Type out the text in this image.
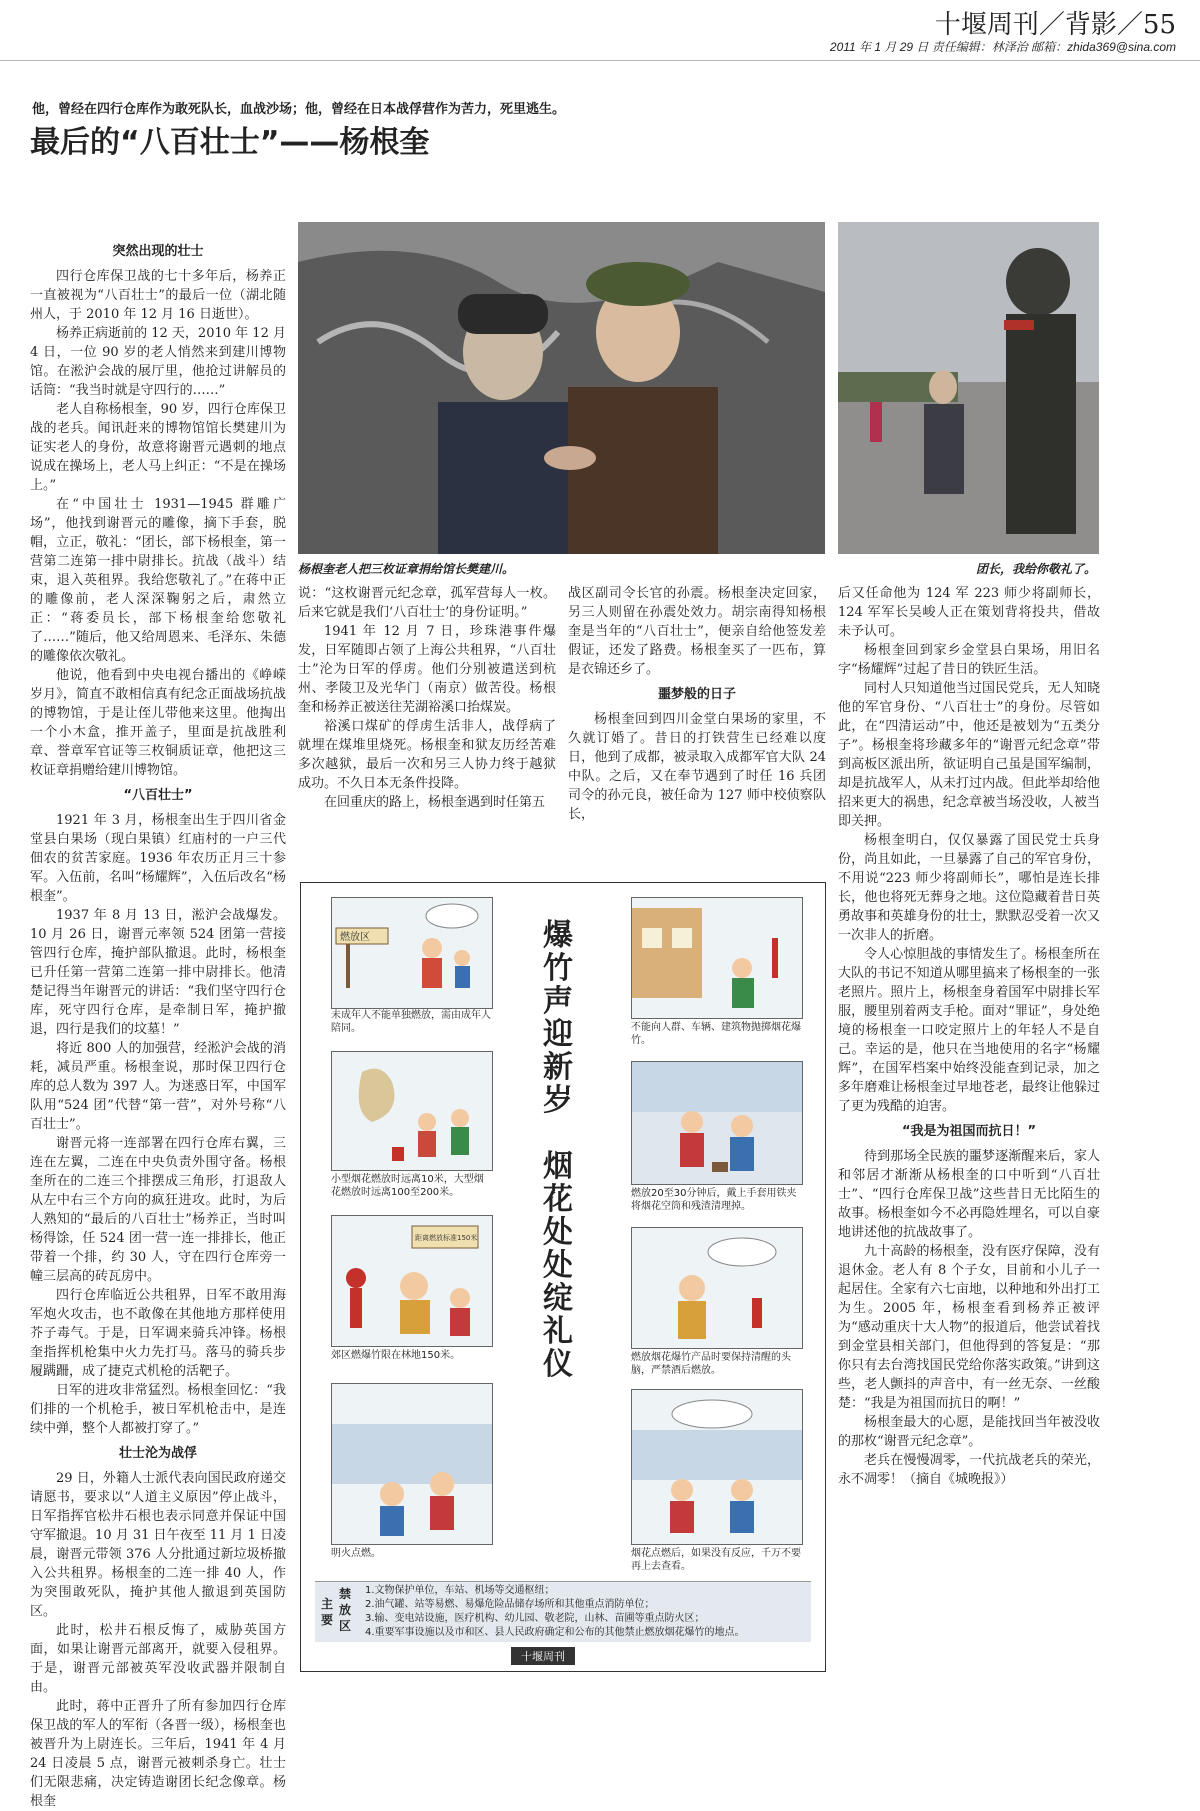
十堰周刊／背影／55
2011 年 1 月 29 日 责任编辑：林泽治 邮箱：zhida369@sina.com
他，曾经在四行仓库作为敢死队长，血战沙场；他，曾经在日本战俘营作为苦力，死里逃生。
最后的“八百壮士”——杨根奎
突然出现的壮士

四行仓库保卫战的七十多年后，杨养正一直被视为“八百壮士”的最后一位（湖北随州人，于 2010 年 12 月 16 日逝世）。

杨养正病逝前的 12 天，2010 年 12 月 4 日，一位 90 岁的老人悄然来到建川博物馆。在淞沪会战的展厅里，他抢过讲解员的话筒：“我当时就是守四行的……”

老人自称杨根奎，90 岁，四行仓库保卫战的老兵。闻讯赶来的博物馆馆长樊建川为证实老人的身份，故意将谢晋元遇刺的地点说成在操场上，老人马上纠正：“不是在操场上。”

在“中国壮士 1931—1945 群雕广场”，他找到谢晋元的雕像，摘下手套，脱帽，立正，敬礼：“团长，部下杨根奎，第一营第二连第一排中尉排长。抗战（战斗）结束，退入英租界。我给您敬礼了。”在蒋中正的雕像前，老人深深鞠躬之后，肃然立正：“蒋委员长，部下杨根奎给您敬礼了……”随后，他又给周恩来、毛泽东、朱德的雕像依次敬礼。

他说，他看到中央电视台播出的《峥嵘岁月》，简直不敢相信真有纪念正面战场抗战的博物馆，于是让侄儿带他来这里。他掏出一个小木盒，推开盖子，里面是抗战胜利章、誉章军官证等三枚铜质证章，他把这三枚证章捐赠给建川博物馆。

“八百壮士”

1921 年 3 月，杨根奎出生于四川省金堂县白果场（现白果镇）红庙村的一户三代佃农的贫苦家庭。1936 年农历正月三十参军。入伍前，名叫“杨耀辉”，入伍后改名“杨根奎”。

1937 年 8 月 13 日，淞沪会战爆发。10 月 26 日，谢晋元率领 524 团第一营接管四行仓库，掩护部队撤退。此时，杨根奎已升任第一营第二连第一排中尉排长。他清楚记得当年谢晋元的讲话：“我们坚守四行仓库，死守四行仓库，是牵制日军，掩护撤退，四行是我们的坟墓！”

将近 800 人的加强营，经淞沪会战的消耗，减员严重。杨根奎说，那时保卫四行仓库的总人数为 397 人。为迷惑日军，中国军队用“524 团”代替“第一营”，对外号称“八百壮士”。

谢晋元将一连部署在四行仓库右翼，三连在左翼，二连在中央负责外围守备。杨根奎所在的二连三个排摆成三角形，打退敌人从左中右三个方向的疯狂进攻。此时，为后人熟知的“最后的八百壮士”杨养正，当时叫杨得馀，任 524 团一营一连一排排长，他正带着一个排，约 30 人，守在四行仓库旁一幢三层高的砖瓦房中。

四行仓库临近公共租界，日军不敢用海军炮火攻击，也不敢像在其他地方那样使用芥子毒气。于是，日军调来骑兵冲锋。杨根奎指挥机枪集中火力先打马。落马的骑兵步履蹒跚，成了捷克式机枪的活靶子。

日军的进攻非常猛烈。杨根奎回忆：“我们排的一个机枪手，被日军机枪击中，是连续中弹，整个人都被打穿了。”

壮士沦为战俘

29 日，外籍人士派代表向国民政府递交请愿书，要求以“人道主义原因”停止战斗，日军指挥官松井石根也表示同意并保证中国守军撤退。10 月 31 日午夜至 11 月 1 日凌晨，谢晋元带领 376 人分批通过新垃圾桥撤入公共租界。杨根奎的二连一排 40 人，作为突围敢死队，掩护其他人撤退到英国防区。

此时，松井石根反悔了，威胁英国方面，如果让谢晋元部离开，就要入侵租界。于是，谢晋元部被英军没收武器并限制自由。

此时，蒋中正晋升了所有参加四行仓库保卫战的军人的军衔（各晋一级），杨根奎也被晋升为上尉连长。三年后，1941 年 4 月 24 日凌晨 5 点，谢晋元被刺杀身亡。壮士们无限悲痛，决定铸造谢团长纪念像章。杨根奎

杨根奎老人把三枚证章捐给馆长樊建川。	团长，我给你敬礼了。

说：“这枚谢晋元纪念章，孤军营每人一枚。后来它就是我们‘八百壮士’的身份证明。”

1941 年 12 月 7 日，珍珠港事件爆发，日军随即占领了上海公共租界，“八百壮士”沦为日军的俘虏。他们分别被遣送到杭州、孝陵卫及光华门（南京）做苦役。杨根奎和杨养正被送往芜湖裕溪口抬煤炭。

裕溪口煤矿的俘虏生活非人，战俘病了就埋在煤堆里烧死。杨根奎和狱友历经苦难多次越狱，最后一次和另三人协力终于越狱成功。不久日本无条件投降。

在回重庆的路上，杨根奎遇到时任第五

战区副司令长官的孙震。杨根奎决定回家，另三人则留在孙震处效力。胡宗南得知杨根奎是当年的“八百壮士”，便亲自给他签发差假证，还发了路费。杨根奎买了一匹布，算是衣锦还乡了。

噩梦般的日子

杨根奎回到四川金堂白果场的家里，不久就订婚了。昔日的打铁营生已经难以度日，他到了成都，被录取入成都军官大队 24 中队。之后，又在奉节遇到了时任 16 兵团司令的孙元良，被任命为 127 师中校侦察队长，

后又任命他为 124 军 223 师少将副师长，124 军军长吴峻人正在策划背将投共，借故未予认可。

杨根奎回到家乡金堂县白果场，用旧名字“杨耀辉”过起了昔日的铁匠生活。

同村人只知道他当过国民党兵，无人知晓他的军官身份、“八百壮士”的身份。尽管如此，在“四清运动”中，他还是被划为“五类分子”。杨根奎将珍藏多年的“谢晋元纪念章”带到高板区派出所，欲证明自己虽是国军编制，却是抗战军人，从未打过内战。但此举却给他招来更大的祸患，纪念章被当场没收，人被当即关押。

杨根奎明白，仅仅暴露了国民党士兵身份，尚且如此，一旦暴露了自己的军官身份，不用说“223 师少将副师长”，哪怕是连长排长，他也将死无葬身之地。这位隐藏着昔日英勇故事和英雄身份的壮士，默默忍受着一次又一次非人的折磨。

令人心惊胆战的事情发生了。杨根奎所在大队的书记不知道从哪里搞来了杨根奎的一张老照片。照片上，杨根奎身着国军中尉排长军服，腰里别着两支手枪。面对“罪证”，身处绝境的杨根奎一口咬定照片上的年轻人不是自己。幸运的是，他只在当地使用的名字“杨耀辉”，在国军档案中始终没能查到记录，加之多年磨难让杨根奎过早地苍老，最终让他躲过了更为残酷的迫害。

“我是为祖国而抗日！”

待到那场全民族的噩梦逐渐醒来后，家人和邻居才渐渐从杨根奎的口中听到“八百壮士”、“四行仓库保卫战”这些昔日无比陌生的故事。杨根奎如今不必再隐姓埋名，可以自豪地讲述他的抗战故事了。

九十高龄的杨根奎，没有医疗保障，没有退休金。老人有 8 个子女，目前和小儿子一起居住。全家有六七亩地，以种地和外出打工为生。2005 年，杨根奎看到杨养正被评为“感动重庆十大人物”的报道后，他尝试着找到金堂县相关部门，但他得到的答复是：“那你只有去台湾找国民党给你落实政策。”讲到这些，老人颤抖的声音中，有一丝无奈、一丝酸楚：“我是为祖国而抗日的啊！”

杨根奎最大的心愿，是能找回当年被没收的那枚“谢晋元纪念章”。

老兵在慢慢凋零，一代抗战老兵的荣光，永不凋零！（摘自《城晚报》）

燃放区
未成年人不能单独燃放，需由成年人陪同。
小型烟花燃放时远离10米，大型烟花燃放时远离100至200米。
距离燃放标准150米
郊区燃爆竹限在林地150米。
明火点燃。
爆
竹
声
迎
新
岁

烟
花
处
处
绽
礼
仪
不能向人群、车辆、建筑物抛掷烟花爆竹。
燃放20至30分钟后，戴上手套用铁夹将烟花空筒和残渣清理掉。
燃放烟花爆竹产品时要保持清醒的头脑，严禁酒后燃放。
烟花点燃后，如果没有反应，千万不要再上去查看。
主要
禁放区
1.文物保护单位，车站、机场等交通枢纽；
2.油气罐、站等易燃、易爆危险品储存场所和其他重点消防单位；
3.输、变电站设施，医疗机构、幼儿园、敬老院，山林、苗圃等重点防火区；
4.重要军事设施以及市和区、县人民政府确定和公布的其他禁止燃放烟花爆竹的地点。
十堰周刊
